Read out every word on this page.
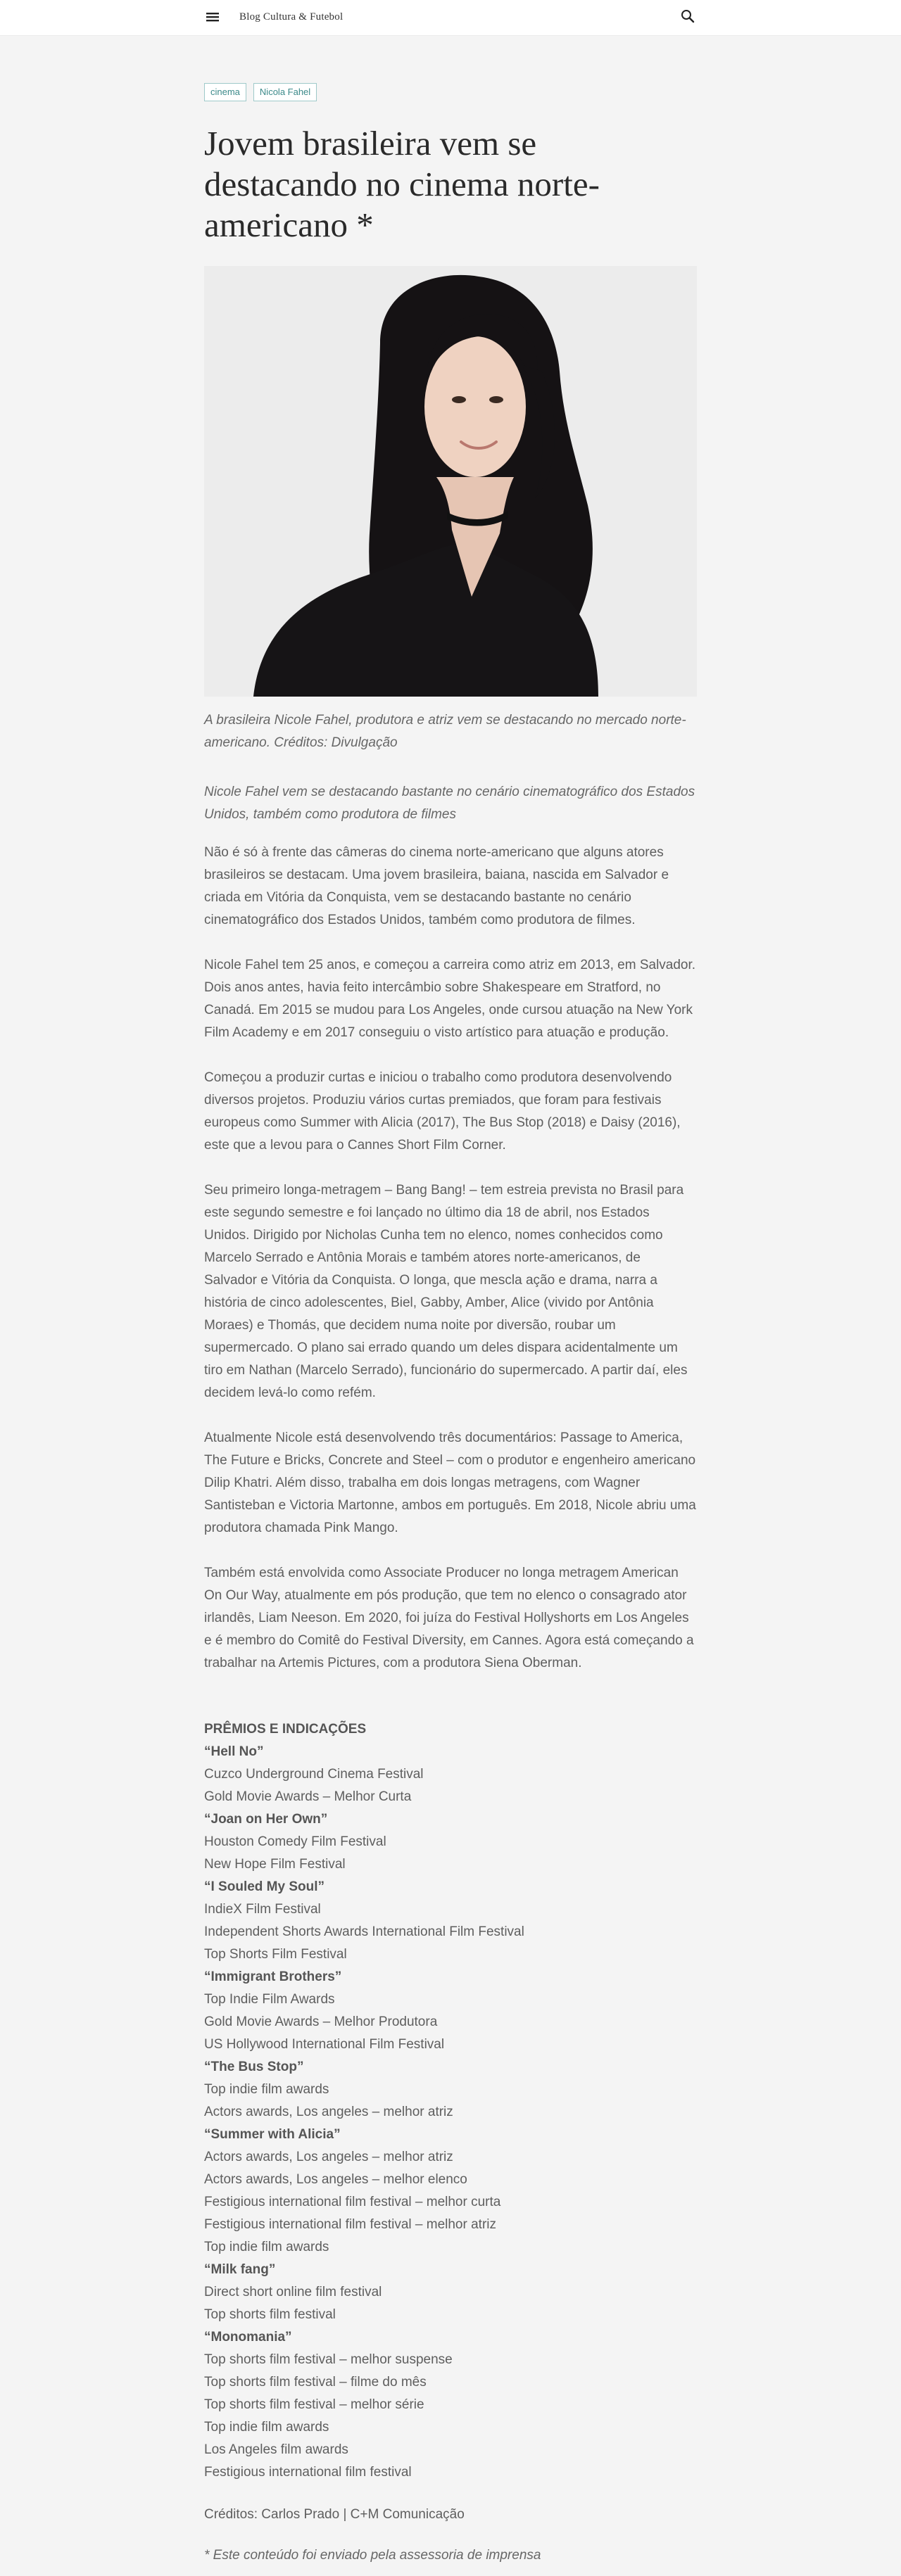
Blog Cultura & Futebol
cinema	Nicola Fahel
Jovem brasileira vem se destacando no cinema norte-americano *

A brasileira Nicole Fahel, produtora e atriz vem se destacando no mercado norte-americano. Créditos: Divulgação

Nicole Fahel vem se destacando bastante no cenário cinematográfico dos Estados Unidos, também como produtora de filmes

Não é só à frente das câmeras do cinema norte-americano que alguns atores brasileiros se destacam. Uma jovem brasileira, baiana, nascida em Salvador e criada em Vitória da Conquista, vem se destacando bastante no cenário cinematográfico dos Estados Unidos, também como produtora de filmes.

Nicole Fahel tem 25 anos, e começou a carreira como atriz em 2013, em Salvador. Dois anos antes, havia feito intercâmbio sobre Shakespeare em Stratford, no Canadá. Em 2015 se mudou para Los Angeles, onde cursou atuação na New York Film Academy e em 2017 conseguiu o visto artístico para atuação e produção.

Começou a produzir curtas e iniciou o trabalho como produtora desenvolvendo diversos projetos. Produziu vários curtas premiados, que foram para festivais europeus como Summer with Alicia (2017), The Bus Stop (2018) e Daisy (2016), este que a levou para o Cannes Short Film Corner.

Seu primeiro longa-metragem – Bang Bang! – tem estreia prevista no Brasil para este segundo semestre e foi lançado no último dia 18 de abril, nos Estados Unidos. Dirigido por Nicholas Cunha tem no elenco, nomes conhecidos como Marcelo Serrado e Antônia Morais e também atores norte-americanos, de Salvador e Vitória da Conquista. O longa, que mescla ação e drama, narra a história de cinco adolescentes, Biel, Gabby, Amber, Alice (vivido por Antônia Moraes) e Thomás, que decidem numa noite por diversão, roubar um supermercado. O plano sai errado quando um deles dispara acidentalmente um tiro em Nathan (Marcelo Serrado), funcionário do supermercado. A partir daí, eles decidem levá-lo como refém.

Atualmente Nicole está desenvolvendo três documentários: Passage to America, The Future e Bricks, Concrete and Steel – com o produtor e engenheiro americano Dilip Khatri. Além disso, trabalha em dois longas metragens, com Wagner Santisteban e Victoria Martonne, ambos em português. Em 2018, Nicole abriu uma produtora chamada Pink Mango.

Também está envolvida como Associate Producer no longa metragem American On Our Way, atualmente em pós produção, que tem no elenco o consagrado ator irlandês, Liam Neeson. Em 2020, foi juíza do Festival Hollyshorts em Los Angeles e é membro do Comitê do Festival Diversity, em Cannes. Agora está começando a trabalhar na Artemis Pictures, com a produtora Siena Oberman.

PRÊMIOS E INDICAÇÕES

“Hell No”

Cuzco Underground Cinema Festival

Gold Movie Awards – Melhor Curta

“Joan on Her Own”

Houston Comedy Film Festival

New Hope Film Festival

“I Souled My Soul”

IndieX Film Festival

Independent Shorts Awards International Film Festival

Top Shorts Film Festival

“Immigrant Brothers”

Top Indie Film Awards

Gold Movie Awards – Melhor Produtora

US Hollywood International Film Festival

“The Bus Stop”

Top indie film awards

Actors awards, Los angeles – melhor atriz

“Summer with Alicia”

Actors awards, Los angeles – melhor atriz

Actors awards, Los angeles – melhor elenco

Festigious international film festival – melhor curta

Festigious international film festival – melhor atriz

Top indie film awards

“Milk fang”

Direct short online film festival

Top shorts film festival

“Monomania”

Top shorts film festival – melhor suspense

Top shorts film festival – filme do mês

Top shorts film festival – melhor série

Top indie film awards

Los Angeles film awards

Festigious international film festival

Créditos: Carlos Prado | C+M Comunicação

* Este conteúdo foi enviado pela assessoria de imprensa
